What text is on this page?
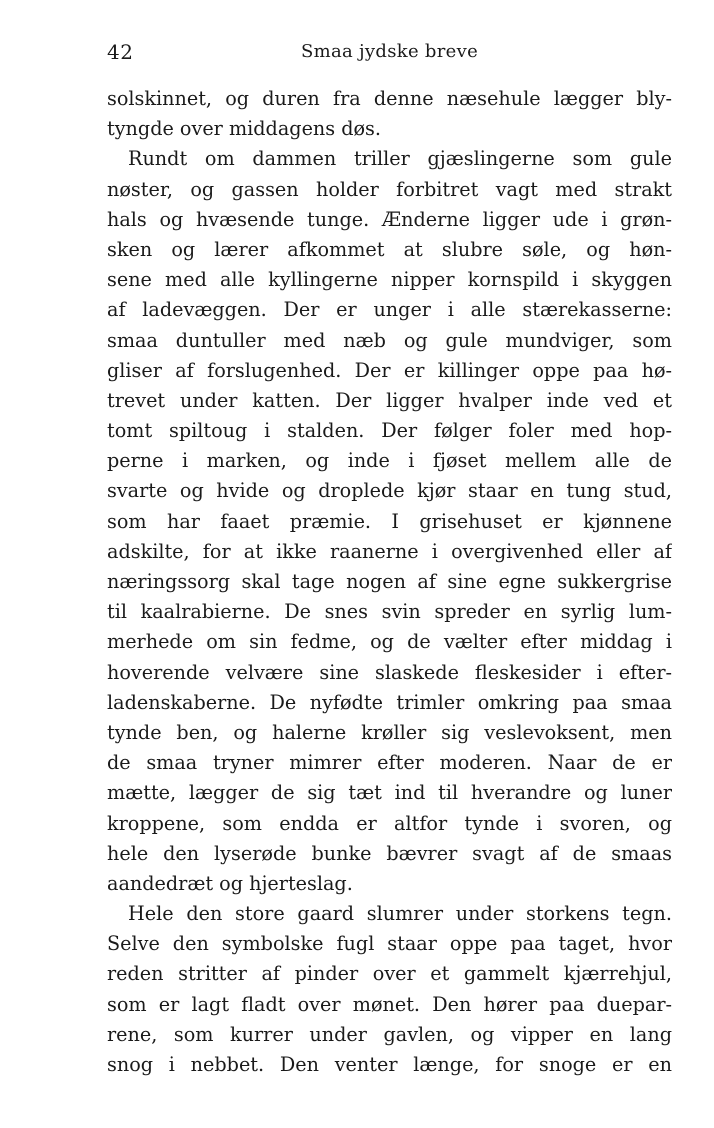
42	Smaa jydske breve
solskinnet, og duren fra denne næsehule lægger bly-
tyngde over middagens døs.
Rundt om dammen triller gjæslingerne som gule
nøster, og gassen holder forbitret vagt med strakt
hals og hvæsende tunge. Ænderne ligger ude i grøn-
sken og lærer afkommet at slubre søle, og høn-
sene med alle kyllingerne nipper kornspild i skyggen
af ladevæggen. Der er unger i alle stærekasserne:
smaa duntuller med næb og gule mundviger, som
gliser af forslugenhed. Der er killinger oppe paa hø-
trevet under katten. Der ligger hvalper inde ved et
tomt spiltoug i stalden. Der følger foler med hop-
perne i marken, og inde i fjøset mellem alle de
svarte og hvide og droplede kjør staar en tung stud,
som har faaet præmie. I grisehuset er kjønnene
adskilte, for at ikke raanerne i overgivenhed eller af
næringssorg skal tage nogen af sine egne sukkergrise
til kaalrabierne. De snes svin spreder en syrlig lum-
merhede om sin fedme, og de vælter efter middag i
hoverende velvære sine slaskede fleskesider i efter-
ladenskaberne. De nyfødte trimler omkring paa smaa
tynde ben, og halerne krøller sig veslevoksent, men
de smaa tryner mimrer efter moderen. Naar de er
mætte, lægger de sig tæt ind til hverandre og luner
kroppene, som endda er altfor tynde i svoren, og
hele den lyserøde bunke bævrer svagt af de smaas
aandedræt og hjerteslag.
Hele den store gaard slumrer under storkens tegn.
Selve den symbolske fugl staar oppe paa taget, hvor
reden stritter af pinder over et gammelt kjærrehjul,
som er lagt fladt over mønet. Den hører paa duepar-
rene, som kurrer under gavlen, og vipper en lang
snog i nebbet. Den venter længe, for snoge er en
